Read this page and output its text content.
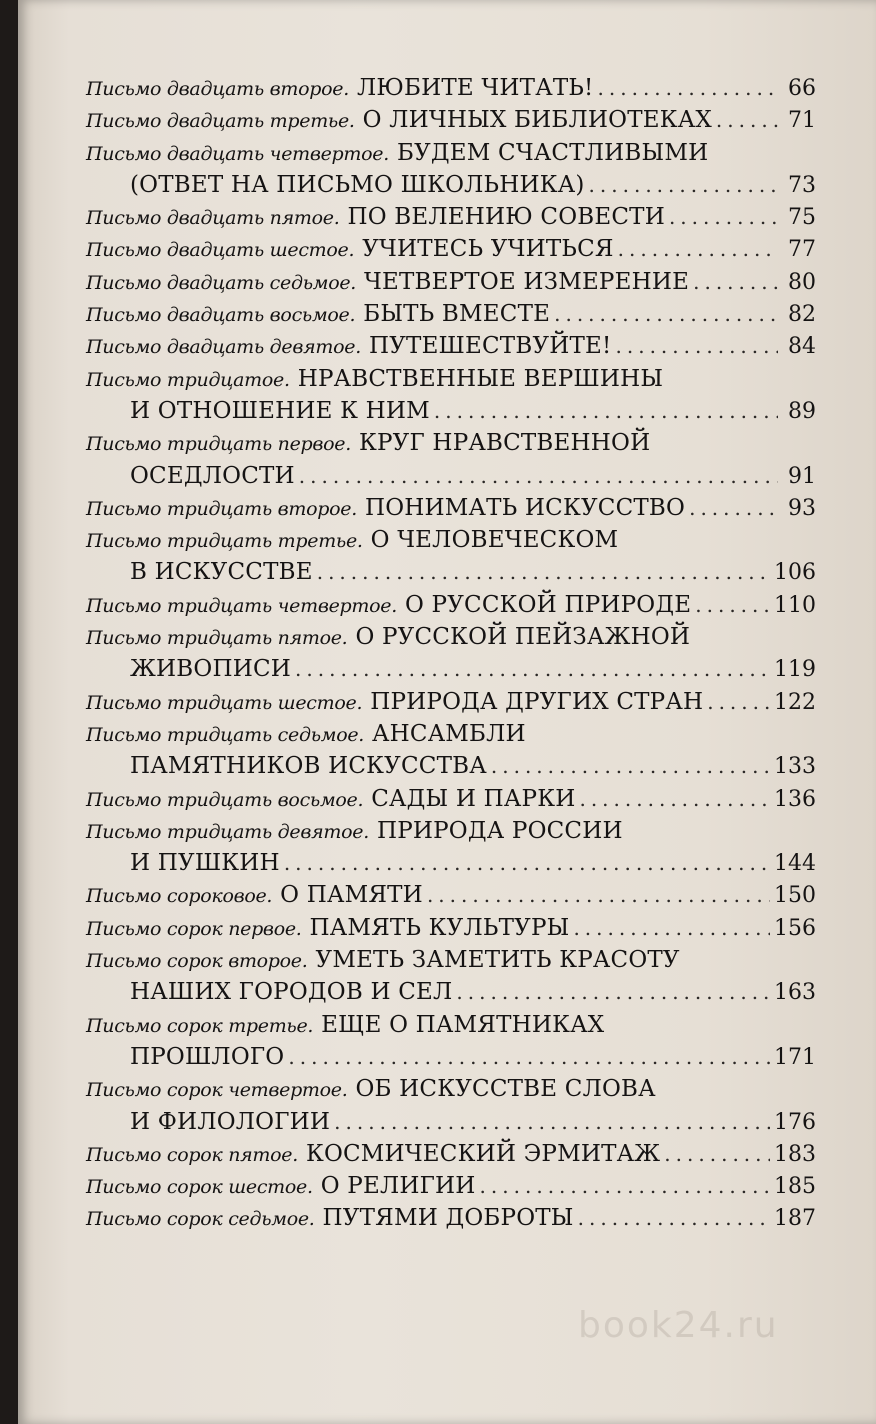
Письмо двадцать второе. ЛЮБИТЕ ЧИТАТЬ! .....	66
Письмо двадцать третье. О ЛИЧНЫХ БИБЛИОТЕКАХ .....	71
Письмо двадцать четвертое. БУДЕМ СЧАСТЛИВЫМИ
(ОТВЕТ НА ПИСЬМО ШКОЛЬНИКА) .....	73
Письмо двадцать пятое. ПО ВЕЛЕНИЮ СОВЕСТИ .....	75
Письмо двадцать шестое. УЧИТЕСЬ УЧИТЬСЯ .....	77
Письмо двадцать седьмое. ЧЕТВЕРТОЕ ИЗМЕРЕНИЕ .....	80
Письмо двадцать восьмое. БЫТЬ ВМЕСТЕ .....	82
Письмо двадцать девятое. ПУТЕШЕСТВУЙТЕ! .....	84
Письмо тридцатое. НРАВСТВЕННЫЕ ВЕРШИНЫ
И ОТНОШЕНИЕ К НИМ .....	89
Письмо тридцать первое. КРУГ НРАВСТВЕННОЙ
ОСЕДЛОСТИ .....	91
Письмо тридцать второе. ПОНИМАТЬ ИСКУССТВО .....	93
Письмо тридцать третье. О ЧЕЛОВЕЧЕСКОМ
В ИСКУССТВЕ .....	106
Письмо тридцать четвертое. О РУССКОЙ ПРИРОДЕ .....	110
Письмо тридцать пятое. О РУССКОЙ ПЕЙЗАЖНОЙ
ЖИВОПИСИ .....	119
Письмо тридцать шестое. ПРИРОДА ДРУГИХ СТРАН .....	122
Письмо тридцать седьмое. АНСАМБЛИ
ПАМЯТНИКОВ ИСКУССТВА .....	133
Письмо тридцать восьмое. САДЫ И ПАРКИ .....	136
Письмо тридцать девятое. ПРИРОДА РОССИИ
И ПУШКИН .....	144
Письмо сороковое. О ПАМЯТИ .....	150
Письмо сорок первое. ПАМЯТЬ КУЛЬТУРЫ .....	156
Письмо сорок второе. УМЕТЬ ЗАМЕТИТЬ КРАСОТУ
НАШИХ ГОРОДОВ И СЕЛ .....	163
Письмо сорок третье. ЕЩЕ О ПАМЯТНИКАХ
ПРОШЛОГО .....	171
Письмо сорок четвертое. ОБ ИСКУССТВЕ СЛОВА
И ФИЛОЛОГИИ .....	176
Письмо сорок пятое. КОСМИЧЕСКИЙ ЭРМИТАЖ .....	183
Письмо сорок шестое. О РЕЛИГИИ .....	185
Письмо сорок седьмое. ПУТЯМИ ДОБРОТЫ .....	187
book24.ru
